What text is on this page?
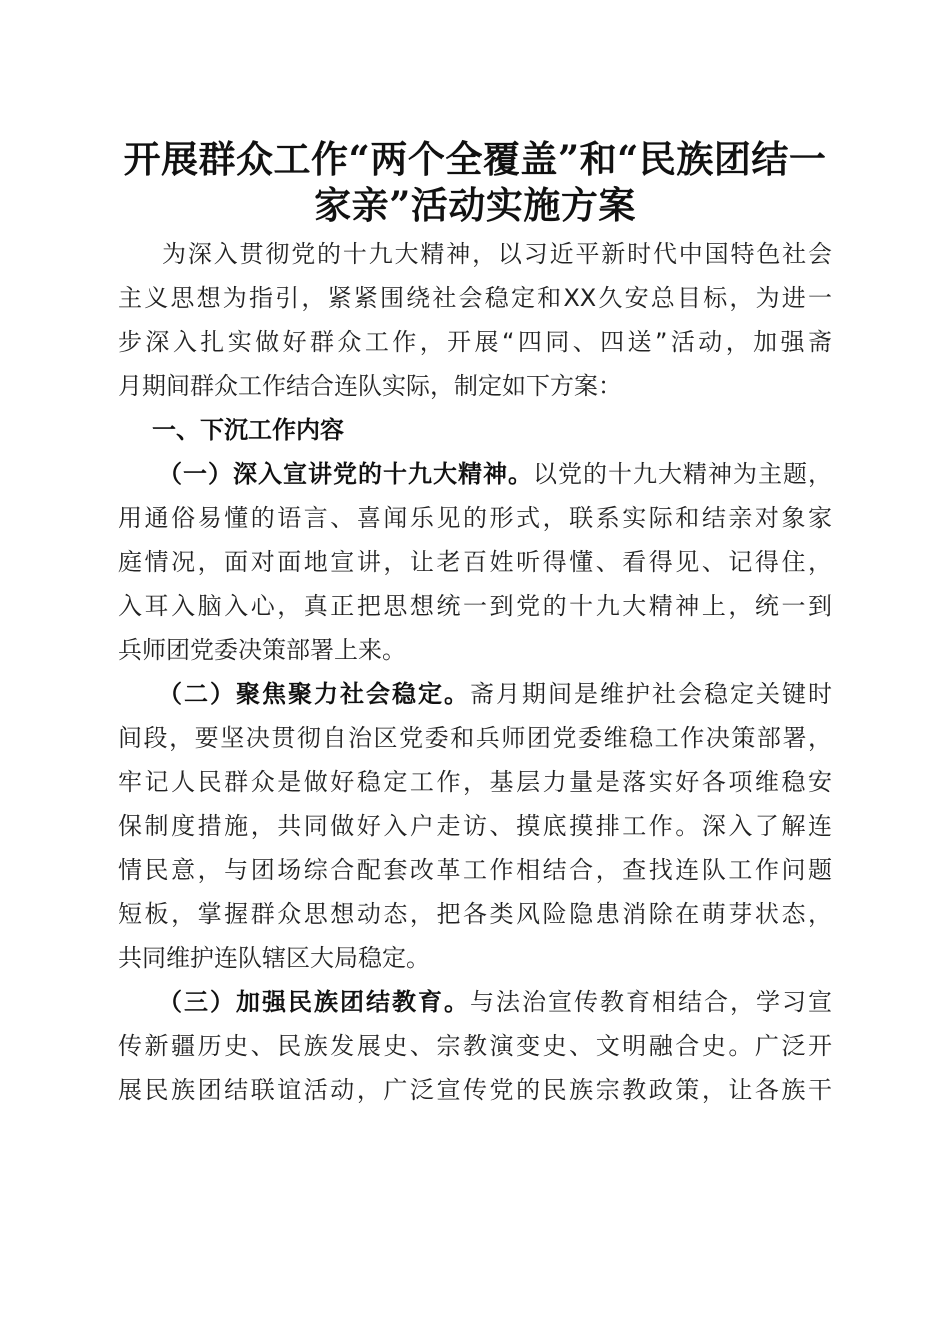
开展群众工作“两个全覆盖”和“民族团结一
家亲”活动实施方案
为深入贯彻党的十九大精神，以习近平新时代中国特色社会
主义思想为指引，紧紧围绕社会稳定和XX久安总目标，为进一
步深入扎实做好群众工作，开展“四同、四送”活动，加强斋
月期间群众工作结合连队实际，制定如下方案：
一、下沉工作内容
（一）深入宣讲党的十九大精神。以党的十九大精神为主题，
用通俗易懂的语言、喜闻乐见的形式，联系实际和结亲对象家
庭情况，面对面地宣讲，让老百姓听得懂、看得见、记得住，
入耳入脑入心，真正把思想统一到党的十九大精神上，统一到
兵师团党委决策部署上来。
（二）聚焦聚力社会稳定。斋月期间是维护社会稳定关键时
间段，要坚决贯彻自治区党委和兵师团党委维稳工作决策部署，
牢记人民群众是做好稳定工作，基层力量是落实好各项维稳安
保制度措施，共同做好入户走访、摸底摸排工作。深入了解连
情民意，与团场综合配套改革工作相结合，查找连队工作问题
短板，掌握群众思想动态，把各类风险隐患消除在萌芽状态，
共同维护连队辖区大局稳定。
（三）加强民族团结教育。与法治宣传教育相结合，学习宣
传新疆历史、民族发展史、宗教演变史、文明融合史。广泛开
展民族团结联谊活动，广泛宣传党的民族宗教政策，让各族干
